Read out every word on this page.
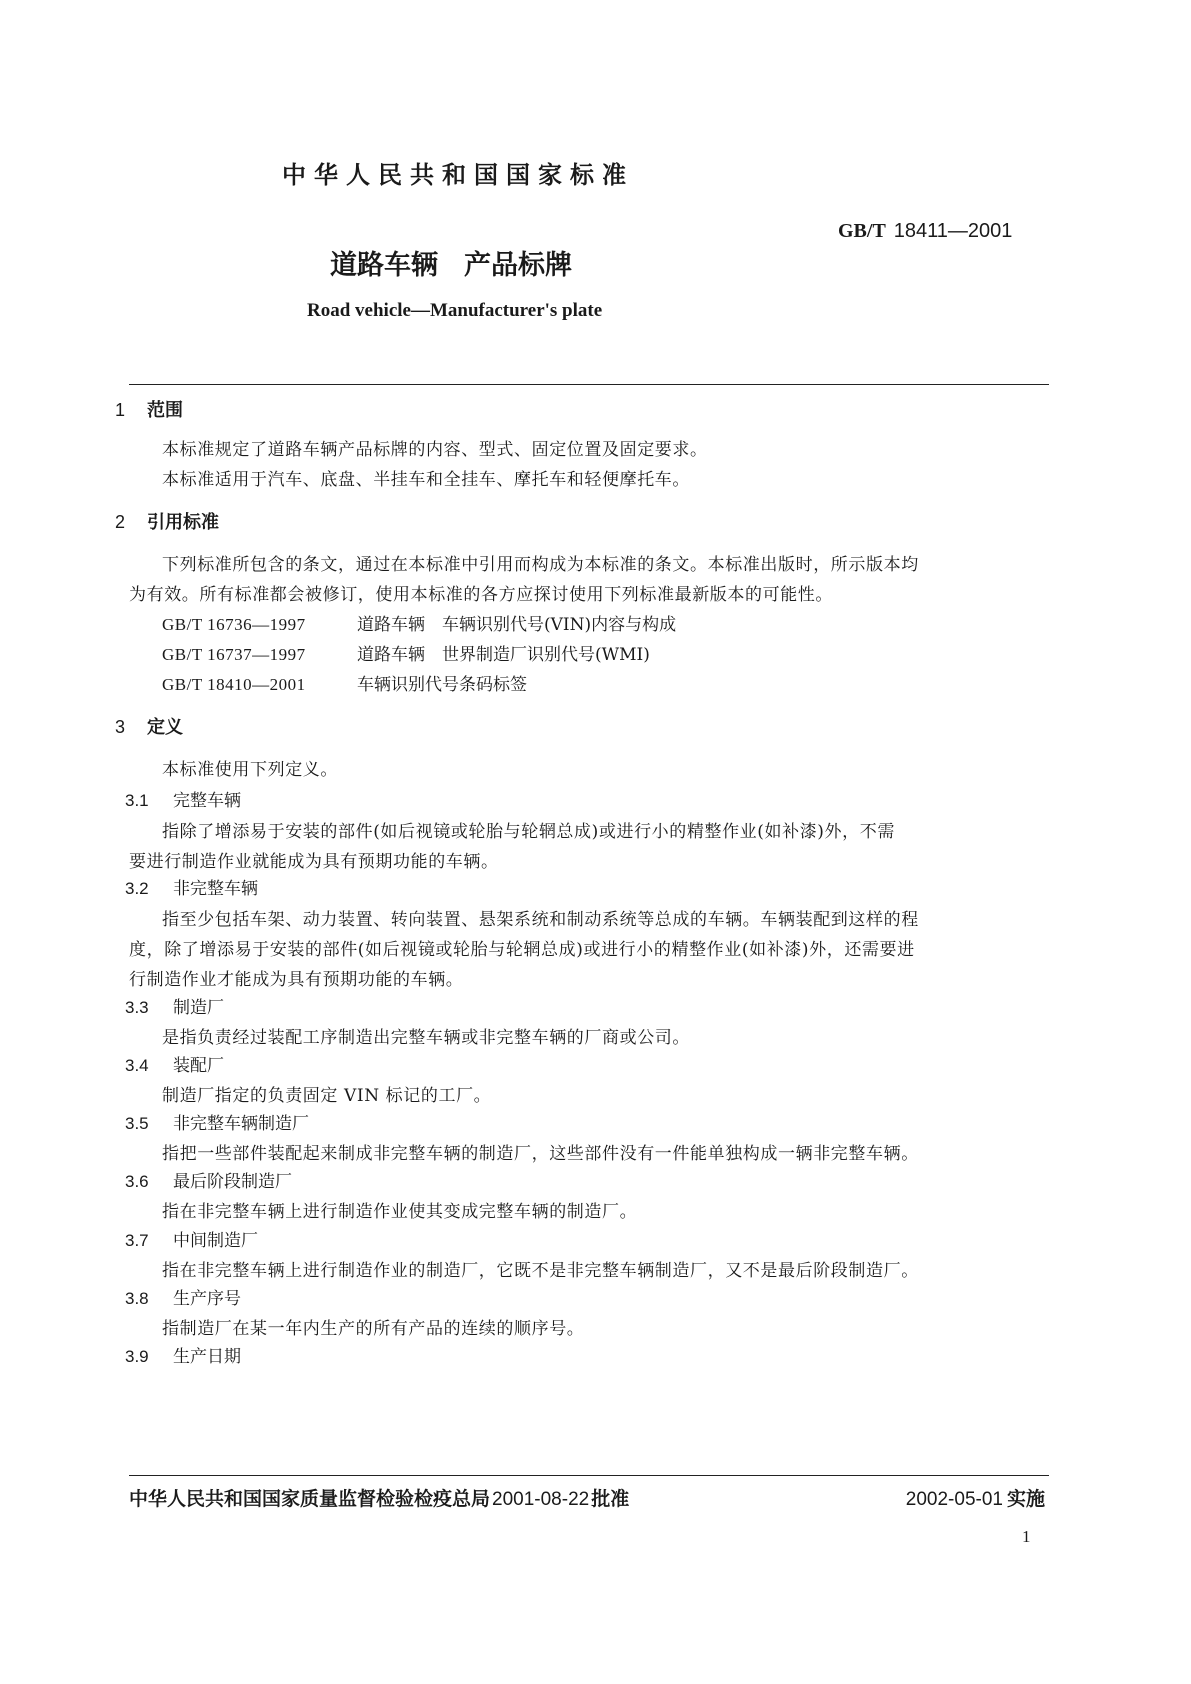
中华人民共和国国家标准
GB/T 18411—2001
道路车辆 产品标牌
Road vehicle—Manufacturer's plate
1 范围
本标准规定了道路车辆产品标牌的内容、型式、固定位置及固定要求。
本标准适用于汽车、底盘、半挂车和全挂车、摩托车和轻便摩托车。
2 引用标准
下列标准所包含的条文，通过在本标准中引用而构成为本标准的条文。本标准出版时，所示版本均
为有效。所有标准都会被修订，使用本标准的各方应探讨使用下列标准最新版本的可能性。
GB/T 16736—1997	道路车辆　车辆识别代号(VIN)内容与构成
GB/T 16737—1997	道路车辆　世界制造厂识别代号(WMI)
GB/T 18410—2001	车辆识别代号条码标签
3 定义
本标准使用下列定义。
3.1 完整车辆
指除了增添易于安装的部件(如后视镜或轮胎与轮辋总成)或进行小的精整作业(如补漆)外，不需
要进行制造作业就能成为具有预期功能的车辆。
3.2 非完整车辆
指至少包括车架、动力装置、转向装置、悬架系统和制动系统等总成的车辆。车辆装配到这样的程
度，除了增添易于安装的部件(如后视镜或轮胎与轮辋总成)或进行小的精整作业(如补漆)外，还需要进
行制造作业才能成为具有预期功能的车辆。
3.3 制造厂
是指负责经过装配工序制造出完整车辆或非完整车辆的厂商或公司。
3.4 装配厂
制造厂指定的负责固定 VIN 标记的工厂。
3.5 非完整车辆制造厂
指把一些部件装配起来制成非完整车辆的制造厂，这些部件没有一件能单独构成一辆非完整车辆。
3.6 最后阶段制造厂
指在非完整车辆上进行制造作业使其变成完整车辆的制造厂。
3.7 中间制造厂
指在非完整车辆上进行制造作业的制造厂，它既不是非完整车辆制造厂，又不是最后阶段制造厂。
3.8 生产序号
指制造厂在某一年内生产的所有产品的连续的顺序号。
3.9 生产日期
中华人民共和国国家质量监督检验检疫总局 2001-08-22 批准	2002-05-01 实施
1
